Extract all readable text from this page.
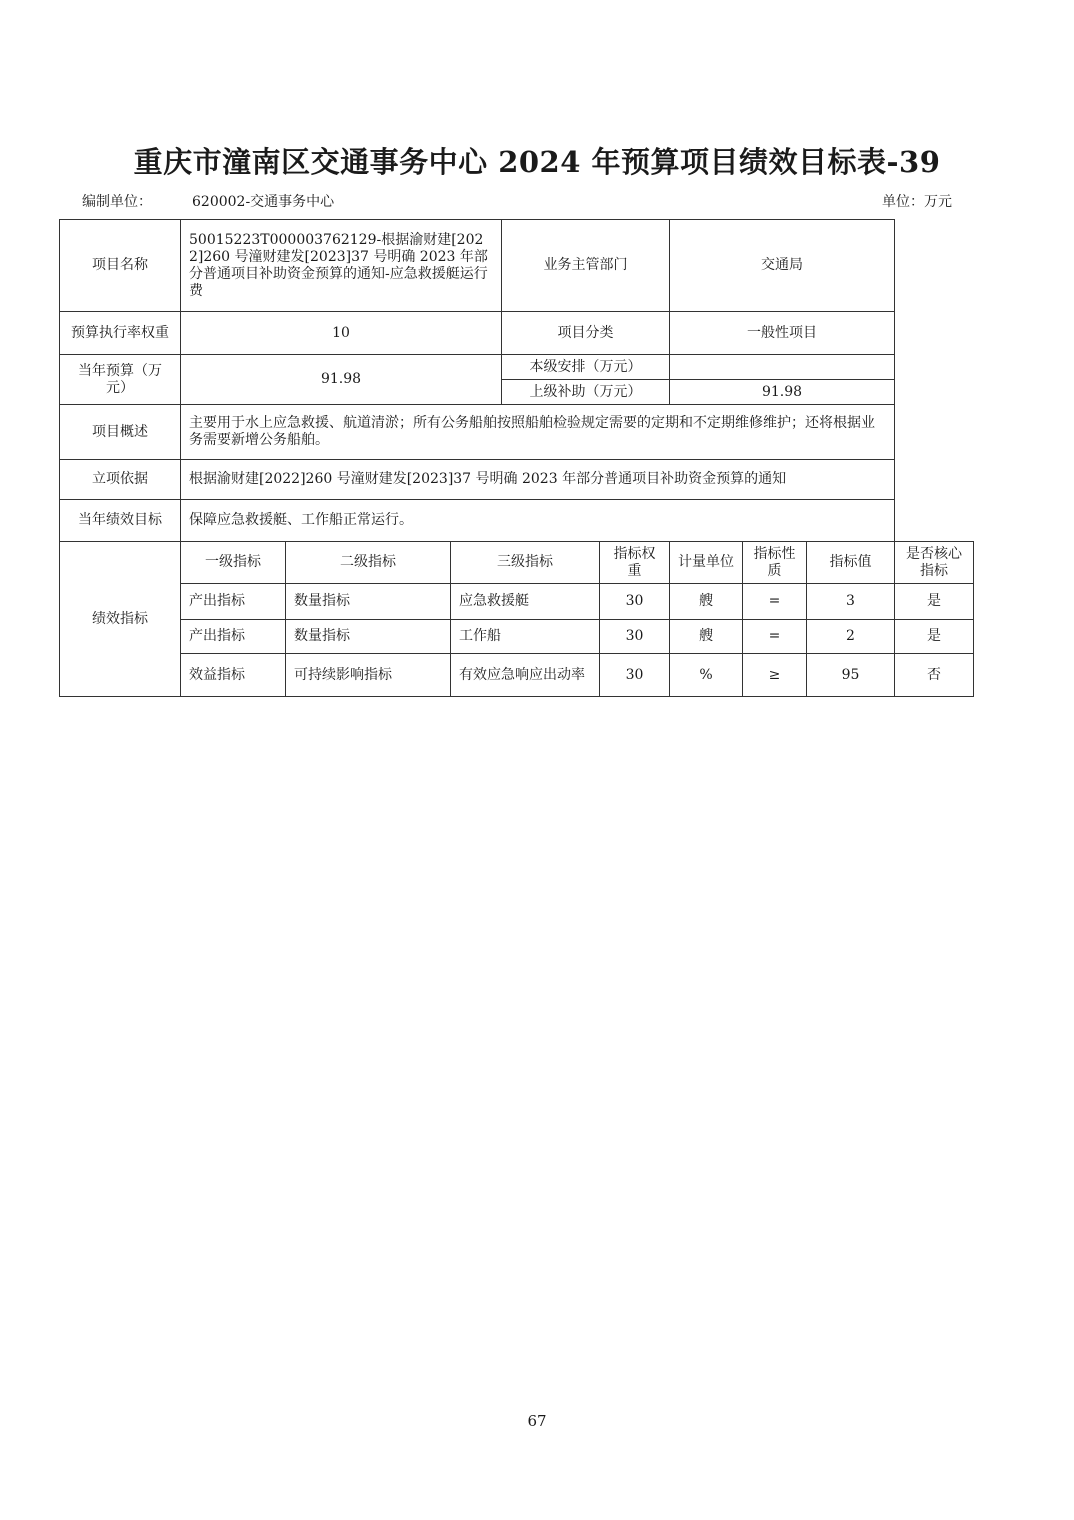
重庆市潼南区交通事务中心 2024 年预算项目绩效目标表-39
编制单位：	620002-交通事务中心	单位：万元
项目名称	50015223T000003762129-根据渝财建[2022]260 号潼财建发[2023]37 号明确 2023 年部分普通项目补助资金预算的通知-应急救援艇运行费			业务主管部门		交通局			
预算执行率权重	10			项目分类		一般性项目			
当年预算（万元）	91.98			本级安排（万元）					
				上级补助（万元）		91.98			
项目概述	主要用于水上应急救援、航道清淤；所有公务船舶按照船舶检验规定需要的定期和不定期维修维护；还将根据业务需要新增公务船舶。								
立项依据	根据渝财建[2022]260 号潼财建发[2023]37 号明确 2023 年部分普通项目补助资金预算的通知								
当年绩效目标	保障应急救援艇、工作船正常运行。								
绩效指标	一级指标	二级指标	三级指标		指标权重	计量单位	指标性质	指标值	是否核心指标
	产出指标	数量指标	应急救援艇		30	艘	=	3	是
	产出指标	数量指标	工作船		30	艘	=	2	是
	效益指标	可持续影响指标	有效应急响应出动率		30	%	≥	95	否
67
